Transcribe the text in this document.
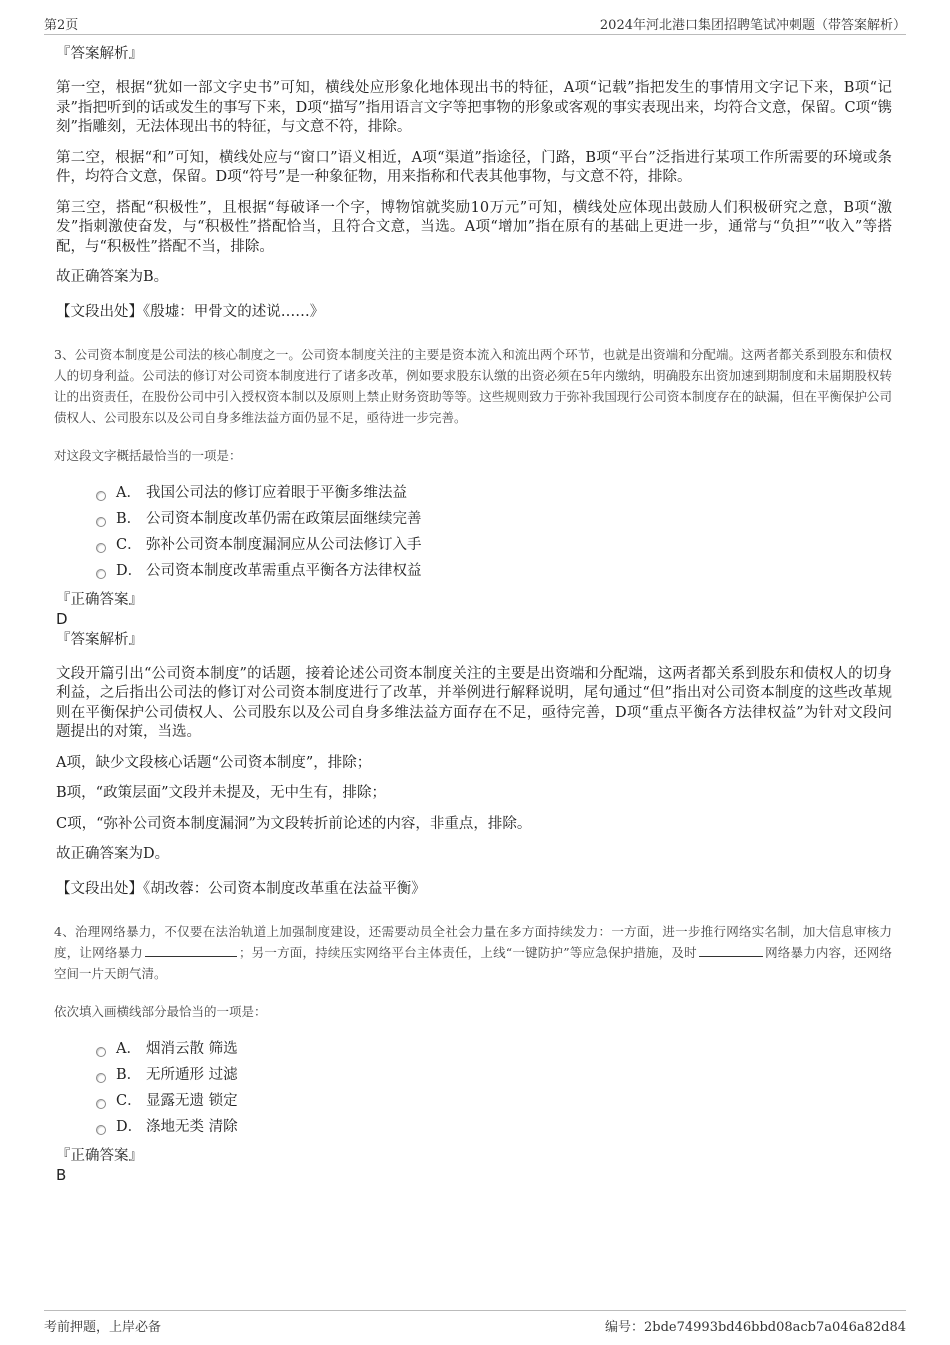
第2页	2024年河北港口集团招聘笔试冲刺题（带答案解析）
『答案解析』

第一空，根据“犹如一部文字史书”可知，横线处应形象化地体现出书的特征，A项“记载”指把发生的事情用文字记下来，B项“记录”指把听到的话或发生的事写下来，D项“描写”指用语言文字等把事物的形象或客观的事实表现出来，均符合文意，保留。C项“镌刻”指雕刻，无法体现出书的特征，与文意不符，排除。

第二空，根据“和”可知，横线处应与“窗口”语义相近，A项“渠道”指途径，门路，B项“平台”泛指进行某项工作所需要的环境或条件，均符合文意，保留。D项“符号”是一种象征物，用来指称和代表其他事物，与文意不符，排除。

第三空，搭配“积极性”，且根据“每破译一个字，博物馆就奖励10万元”可知，横线处应体现出鼓励人们积极研究之意，B项“激发”指刺激使奋发，与“积极性”搭配恰当，且符合文意，当选。A项“增加”指在原有的基础上更进一步，通常与“负担”“收入”等搭配，与“积极性”搭配不当，排除。

故正确答案为B。

【文段出处】《殷墟：甲骨文的述说……》

3、公司资本制度是公司法的核心制度之一。公司资本制度关注的主要是资本流入和流出两个环节，也就是出资端和分配端。这两者都关系到股东和债权人的切身利益。公司法的修订对公司资本制度进行了诸多改革，例如要求股东认缴的出资必须在5年内缴纳，明确股东出资加速到期制度和未届期股权转让的出资责任，在股份公司中引入授权资本制以及原则上禁止财务资助等等。这些规则致力于弥补我国现行公司资本制度存在的缺漏，但在平衡保护公司债权人、公司股东以及公司自身多维法益方面仍显不足，亟待进一步完善。

对这段文字概括最恰当的一项是：
A． 我国公司法的修订应着眼于平衡多维法益
B． 公司资本制度改革仍需在政策层面继续完善
C． 弥补公司资本制度漏洞应从公司法修订入手
D． 公司资本制度改革需重点平衡各方法律权益
『正确答案』
D
『答案解析』

文段开篇引出“公司资本制度”的话题，接着论述公司资本制度关注的主要是出资端和分配端，这两者都关系到股东和债权人的切身利益，之后指出公司法的修订对公司资本制度进行了改革，并举例进行解释说明，尾句通过“但”指出对公司资本制度的这些改革规则在平衡保护公司债权人、公司股东以及公司自身多维法益方面存在不足，亟待完善，D项“重点平衡各方法律权益”为针对文段问题提出的对策，当选。

A项，缺少文段核心话题“公司资本制度”，排除；

B项，“政策层面”文段并未提及，无中生有，排除；

C项，“弥补公司资本制度漏洞”为文段转折前论述的内容，非重点，排除。

故正确答案为D。

【文段出处】《胡改蓉：公司资本制度改革重在法益平衡》

4、治理网络暴力，不仅要在法治轨道上加强制度建设，还需要动员全社会力量在多方面持续发力：一方面，进一步推行网络实名制，加大信息审核力度，让网络暴力	；另一方面，持续压实网络平台主体责任，上线“一键防护”等应急保护措施，及时	网络暴力内容，还网络空间一片天朗气清。

依次填入画横线部分最恰当的一项是：
A． 烟消云散 筛选
B． 无所遁形 过滤
C． 显露无遗 锁定
D． 涤地无类 清除
『正确答案』
B
考前押题，上岸必备	编号：2bde74993bd46bbd08acb7a046a82d84
